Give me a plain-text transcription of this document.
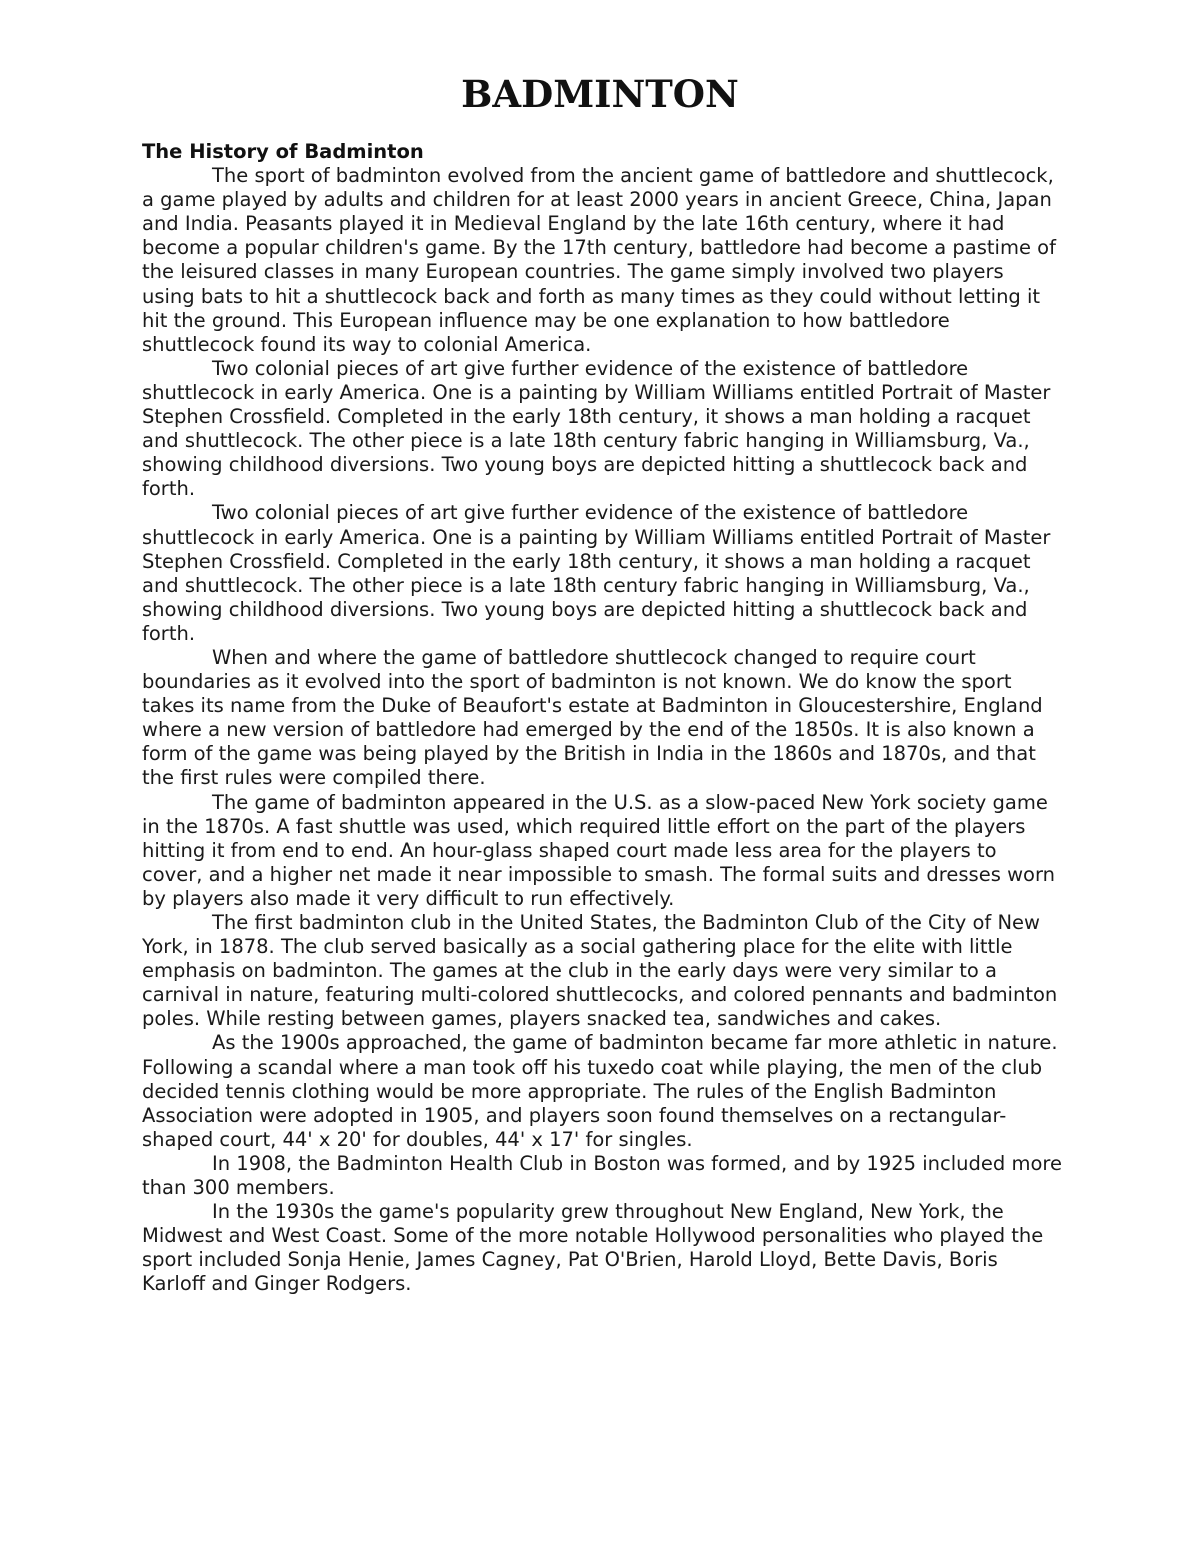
BADMINTON

The History of Badminton

The sport of badminton evolved from the ancient game of battledore and shuttlecock, a game played by adults and children for at least 2000 years in ancient Greece, China, Japan and India. Peasants played it in Medieval England by the late 16th century, where it had become a popular children's game. By the 17th century, battledore had become a pastime of the leisured classes in many European countries. The game simply involved two players using bats to hit a shuttlecock back and forth as many times as they could without letting it hit the ground. This European influence may be one explanation to how battledore shuttlecock found its way to colonial America.

Two colonial pieces of art give further evidence of the existence of battledore shuttlecock in early America. One is a painting by William Williams entitled Portrait of Master Stephen Crossfield. Completed in the early 18th century, it shows a man holding a racquet and shuttlecock. The other piece is a late 18th century fabric hanging in Williamsburg, Va., showing childhood diversions. Two young boys are depicted hitting a shuttlecock back and forth.

Two colonial pieces of art give further evidence of the existence of battledore shuttlecock in early America. One is a painting by William Williams entitled Portrait of Master Stephen Crossfield. Completed in the early 18th century, it shows a man holding a racquet and shuttlecock. The other piece is a late 18th century fabric hanging in Williamsburg, Va., showing childhood diversions. Two young boys are depicted hitting a shuttlecock back and forth.

When and where the game of battledore shuttlecock changed to require court boundaries as it evolved into the sport of badminton is not known. We do know the sport takes its name from the Duke of Beaufort's estate at Badminton in Gloucestershire, England where a new version of battledore had emerged by the end of the 1850s. It is also known a form of the game was being played by the British in India in the 1860s and 1870s, and that the first rules were compiled there.

The game of badminton appeared in the U.S. as a slow-paced New York society game in the 1870s. A fast shuttle was used, which required little effort on the part of the players hitting it from end to end. An hour-glass shaped court made less area for the players to cover, and a higher net made it near impossible to smash. The formal suits and dresses worn by players also made it very difficult to run effectively.

The first badminton club in the United States, the Badminton Club of the City of New York, in 1878. The club served basically as a social gathering place for the elite with little emphasis on badminton. The games at the club in the early days were very similar to a carnival in nature, featuring multi-colored shuttlecocks, and colored pennants and badminton poles. While resting between games, players snacked tea, sandwiches and cakes.

As the 1900s approached, the game of badminton became far more athletic in nature. Following a scandal where a man took off his tuxedo coat while playing, the men of the club decided tennis clothing would be more appropriate. The rules of the English Badminton Association were adopted in 1905, and players soon found themselves on a rectangular-shaped court, 44' x 20' for doubles, 44' x 17' for singles.

In 1908, the Badminton Health Club in Boston was formed, and by 1925 included more than 300 members.

In the 1930s the game's popularity grew throughout New England, New York, the Midwest and West Coast. Some of the more notable Hollywood personalities who played the sport included Sonja Henie, James Cagney, Pat O'Brien, Harold Lloyd, Bette Davis, Boris Karloff and Ginger Rodgers.
